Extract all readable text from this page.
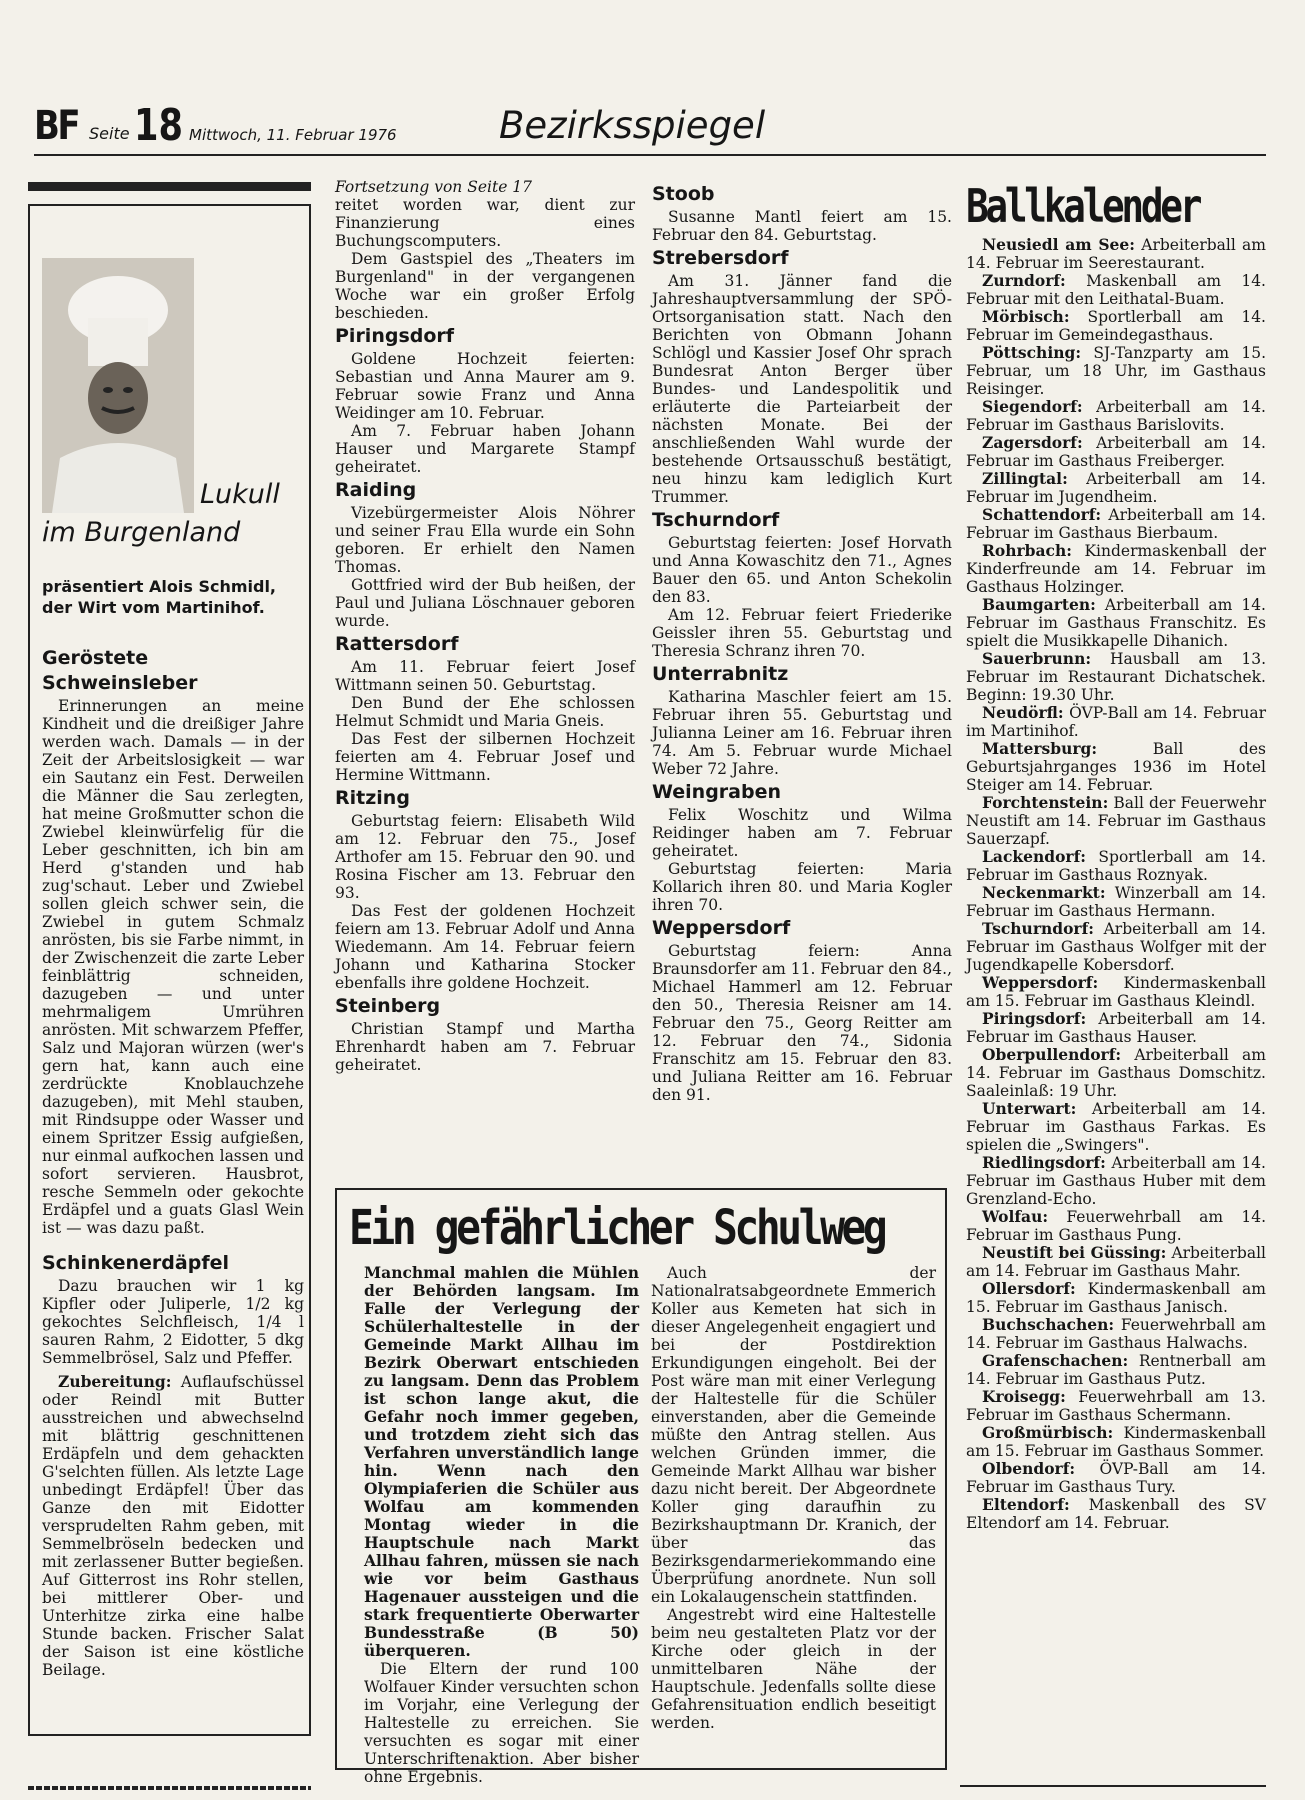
BF Seite 18 Mittwoch, 11. Februar 1976	Bezirksspiegel
Lukull
im Burgenland
präsentiert Alois Schmidl, der Wirt vom Martinihof.
Geröstete Schweinsleber

Erinnerungen an meine Kindheit und die dreißiger Jahre werden wach. Damals — in der Zeit der Arbeitslosigkeit — war ein Sautanz ein Fest. Derweilen die Männer die Sau zerlegten, hat meine Großmutter schon die Zwiebel kleinwürfelig für die Leber geschnitten, ich bin am Herd g'standen und hab zug'schaut. Leber und Zwiebel sollen gleich schwer sein, die Zwiebel in gutem Schmalz anrösten, bis sie Farbe nimmt, in der Zwischenzeit die zarte Leber feinblättrig schneiden, dazugeben — und unter mehrmaligem Umrühren anrösten. Mit schwarzem Pfeffer, Salz und Majoran würzen (wer's gern hat, kann auch eine zerdrückte Knoblauchzehe dazugeben), mit Mehl stauben, mit Rindsuppe oder Wasser und einem Spritzer Essig aufgießen, nur einmal aufkochen lassen und sofort servieren. Hausbrot, resche Semmeln oder gekochte Erdäpfel und a guats Glasl Wein ist — was dazu paßt.

Schinkenerdäpfel

Dazu brauchen wir 1 kg Kipfler oder Juliperle, 1/2 kg gekochtes Selchfleisch, 1/4 l sauren Rahm, 2 Eidotter, 5 dkg Semmelbrösel, Salz und Pfeffer.

Zubereitung: Auflaufschüssel oder Reindl mit Butter ausstreichen und abwechselnd mit blättrig geschnittenen Erdäpfeln und dem gehackten G'selchten füllen. Als letzte Lage unbedingt Erdäpfel! Über das Ganze den mit Eidotter versprudelten Rahm geben, mit Semmelbröseln bedecken und mit zerlassener Butter begießen. Auf Gitterrost ins Rohr stellen, bei mittlerer Ober- und Unterhitze zirka eine halbe Stunde backen. Frischer Salat der Saison ist eine köstliche Beilage.

Fortsetzung von Seite 17

reitet worden war, dient zur Finanzierung eines Buchungscomputers.

Dem Gastspiel des „Theaters im Burgenland" in der vergangenen Woche war ein großer Erfolg beschieden.

Piringsdorf

Goldene Hochzeit feierten: Sebastian und Anna Maurer am 9. Februar sowie Franz und Anna Weidinger am 10. Februar.

Am 7. Februar haben Johann Hauser und Margarete Stampf geheiratet.

Raiding

Vizebürgermeister Alois Nöhrer und seiner Frau Ella wurde ein Sohn geboren. Er erhielt den Namen Thomas.

Gottfried wird der Bub heißen, der Paul und Juliana Löschnauer geboren wurde.

Rattersdorf

Am 11. Februar feiert Josef Wittmann seinen 50. Geburtstag.

Den Bund der Ehe schlossen Helmut Schmidt und Maria Gneis.

Das Fest der silbernen Hochzeit feierten am 4. Februar Josef und Hermine Wittmann.

Ritzing

Geburtstag feiern: Elisabeth Wild am 12. Februar den 75., Josef Arthofer am 15. Februar den 90. und Rosina Fischer am 13. Februar den 93.

Das Fest der goldenen Hochzeit feiern am 13. Februar Adolf und Anna Wiedemann. Am 14. Februar feiern Johann und Katharina Stocker ebenfalls ihre goldene Hochzeit.

Steinberg

Christian Stampf und Martha Ehrenhardt haben am 7. Februar geheiratet.

Stoob

Susanne Mantl feiert am 15. Februar den 84. Geburtstag.

Strebersdorf

Am 31. Jänner fand die Jahreshauptversammlung der SPÖ-Ortsorganisation statt. Nach den Berichten von Obmann Johann Schlögl und Kassier Josef Ohr sprach Bundesrat Anton Berger über Bundes- und Landespolitik und erläuterte die Parteiarbeit der nächsten Monate. Bei der anschließenden Wahl wurde der bestehende Ortsausschuß bestätigt, neu hinzu kam lediglich Kurt Trummer.

Tschurndorf

Geburtstag feierten: Josef Horvath und Anna Kowaschitz den 71., Agnes Bauer den 65. und Anton Schekolin den 83.

Am 12. Februar feiert Friederike Geissler ihren 55. Geburtstag und Theresia Schranz ihren 70.

Unterrabnitz

Katharina Maschler feiert am 15. Februar ihren 55. Geburtstag und Julianna Leiner am 16. Februar ihren 74. Am 5. Februar wurde Michael Weber 72 Jahre.

Weingraben

Felix Woschitz und Wilma Reidinger haben am 7. Februar geheiratet.

Geburtstag feierten: Maria Kollarich ihren 80. und Maria Kogler ihren 70.

Weppersdorf

Geburtstag feiern: Anna Braunsdorfer am 11. Februar den 84., Michael Hammerl am 12. Februar den 50., Theresia Reisner am 14. Februar den 75., Georg Reitter am 12. Februar den 74., Sidonia Franschitz am 15. Februar den 83. und Juliana Reitter am 16. Februar den 91.

Ballkalender

Neusiedl am See: Arbeiterball am 14. Februar im Seerestaurant.

Zurndorf: Maskenball am 14. Februar mit den Leithatal-Buam.

Mörbisch: Sportlerball am 14. Februar im Gemeindegasthaus.

Pöttsching: SJ-Tanzparty am 15. Februar, um 18 Uhr, im Gasthaus Reisinger.

Siegendorf: Arbeiterball am 14. Februar im Gasthaus Barislovits.

Zagersdorf: Arbeiterball am 14. Februar im Gasthaus Freiberger.

Zillingtal: Arbeiterball am 14. Februar im Jugendheim.

Schattendorf: Arbeiterball am 14. Februar im Gasthaus Bierbaum.

Rohrbach: Kindermaskenball der Kinderfreunde am 14. Februar im Gasthaus Holzinger.

Baumgarten: Arbeiterball am 14. Februar im Gasthaus Franschitz. Es spielt die Musikkapelle Dihanich.

Sauerbrunn: Hausball am 13. Februar im Restaurant Dichatschek. Beginn: 19.30 Uhr.

Neudörfl: ÖVP-Ball am 14. Februar im Martinihof.

Mattersburg:	Ball des Geburtsjahrganges 1936 im Hotel Steiger am 14. Februar.

Forchtenstein: Ball der Feuerwehr Neustift am 14. Februar im Gasthaus Sauerzapf.

Lackendorf: Sportlerball am 14. Februar im Gasthaus Roznyak.

Neckenmarkt: Winzerball am 14. Februar im Gasthaus Hermann.

Tschurndorf: Arbeiterball am 14. Februar im Gasthaus Wolfger mit der Jugendkapelle Kobersdorf.

Weppersdorf: Kindermaskenball am 15. Februar im Gasthaus Kleindl.

Piringsdorf: Arbeiterball am 14. Februar im Gasthaus Hauser.

Oberpullendorf: Arbeiterball am 14. Februar im Gasthaus Domschitz. Saaleinlaß: 19 Uhr.

Unterwart: Arbeiterball am 14. Februar im Gasthaus Farkas. Es spielen die „Swingers".

Riedlingsdorf: Arbeiterball am 14. Februar im Gasthaus Huber mit dem Grenzland-Echo.

Wolfau: Feuerwehrball am 14. Februar im Gasthaus Pung.

Neustift bei Güssing: Arbeiterball am 14. Februar im Gasthaus Mahr.

Ollersdorf: Kindermaskenball am 15. Februar im Gasthaus Janisch.

Buchschachen: Feuerwehrball am 14. Februar im Gasthaus Halwachs.

Grafenschachen: Rentnerball am 14. Februar im Gasthaus Putz.

Kroisegg: Feuerwehrball am 13. Februar im Gasthaus Schermann.

Großmürbisch: Kindermaskenball am 15. Februar im Gasthaus Sommer.

Olbendorf: ÖVP-Ball am 14. Februar im Gasthaus Tury.

Eltendorf: Maskenball des SV Eltendorf am 14. Februar.

Ein gefährlicher Schulweg

Manchmal mahlen die Mühlen der Behörden langsam. Im Falle der Verlegung der Schülerhaltestelle in der Gemeinde Markt Allhau im Bezirk Oberwart entschieden zu langsam. Denn das Problem ist schon lange akut, die Gefahr noch immer gegeben, und trotzdem zieht sich das Verfahren unverständlich lange hin. Wenn nach den Olympiaferien die Schüler aus Wolfau am kommenden Montag wieder in die Hauptschule nach Markt Allhau fahren, müssen sie nach wie vor beim Gasthaus Hagenauer aussteigen und die stark frequentierte Oberwarter Bundesstraße (B 50) überqueren.

Die Eltern der rund 100 Wolfauer Kinder versuchten schon im Vorjahr, eine Verlegung der Haltestelle zu erreichen. Sie versuchten es sogar mit einer Unterschriftenaktion. Aber bisher ohne Ergebnis.

Auch der Nationalratsabgeordnete Emmerich Koller aus Kemeten hat sich in dieser Angelegenheit engagiert und bei der Postdirektion Erkundigungen eingeholt. Bei der Post wäre man mit einer Verlegung der Haltestelle für die Schüler einverstanden, aber die Gemeinde müßte den Antrag stellen. Aus welchen Gründen immer, die Gemeinde Markt Allhau war bisher dazu nicht bereit. Der Abgeordnete Koller ging daraufhin zu Bezirkshauptmann Dr. Kranich, der über das Bezirksgendarmeriekommando eine Überprüfung anordnete. Nun soll ein Lokalaugenschein stattfinden.

Angestrebt wird eine Haltestelle beim neu gestalteten Platz vor der Kirche oder gleich in der unmittelbaren Nähe der Hauptschule. Jedenfalls sollte diese Gefahrensituation endlich beseitigt werden.
